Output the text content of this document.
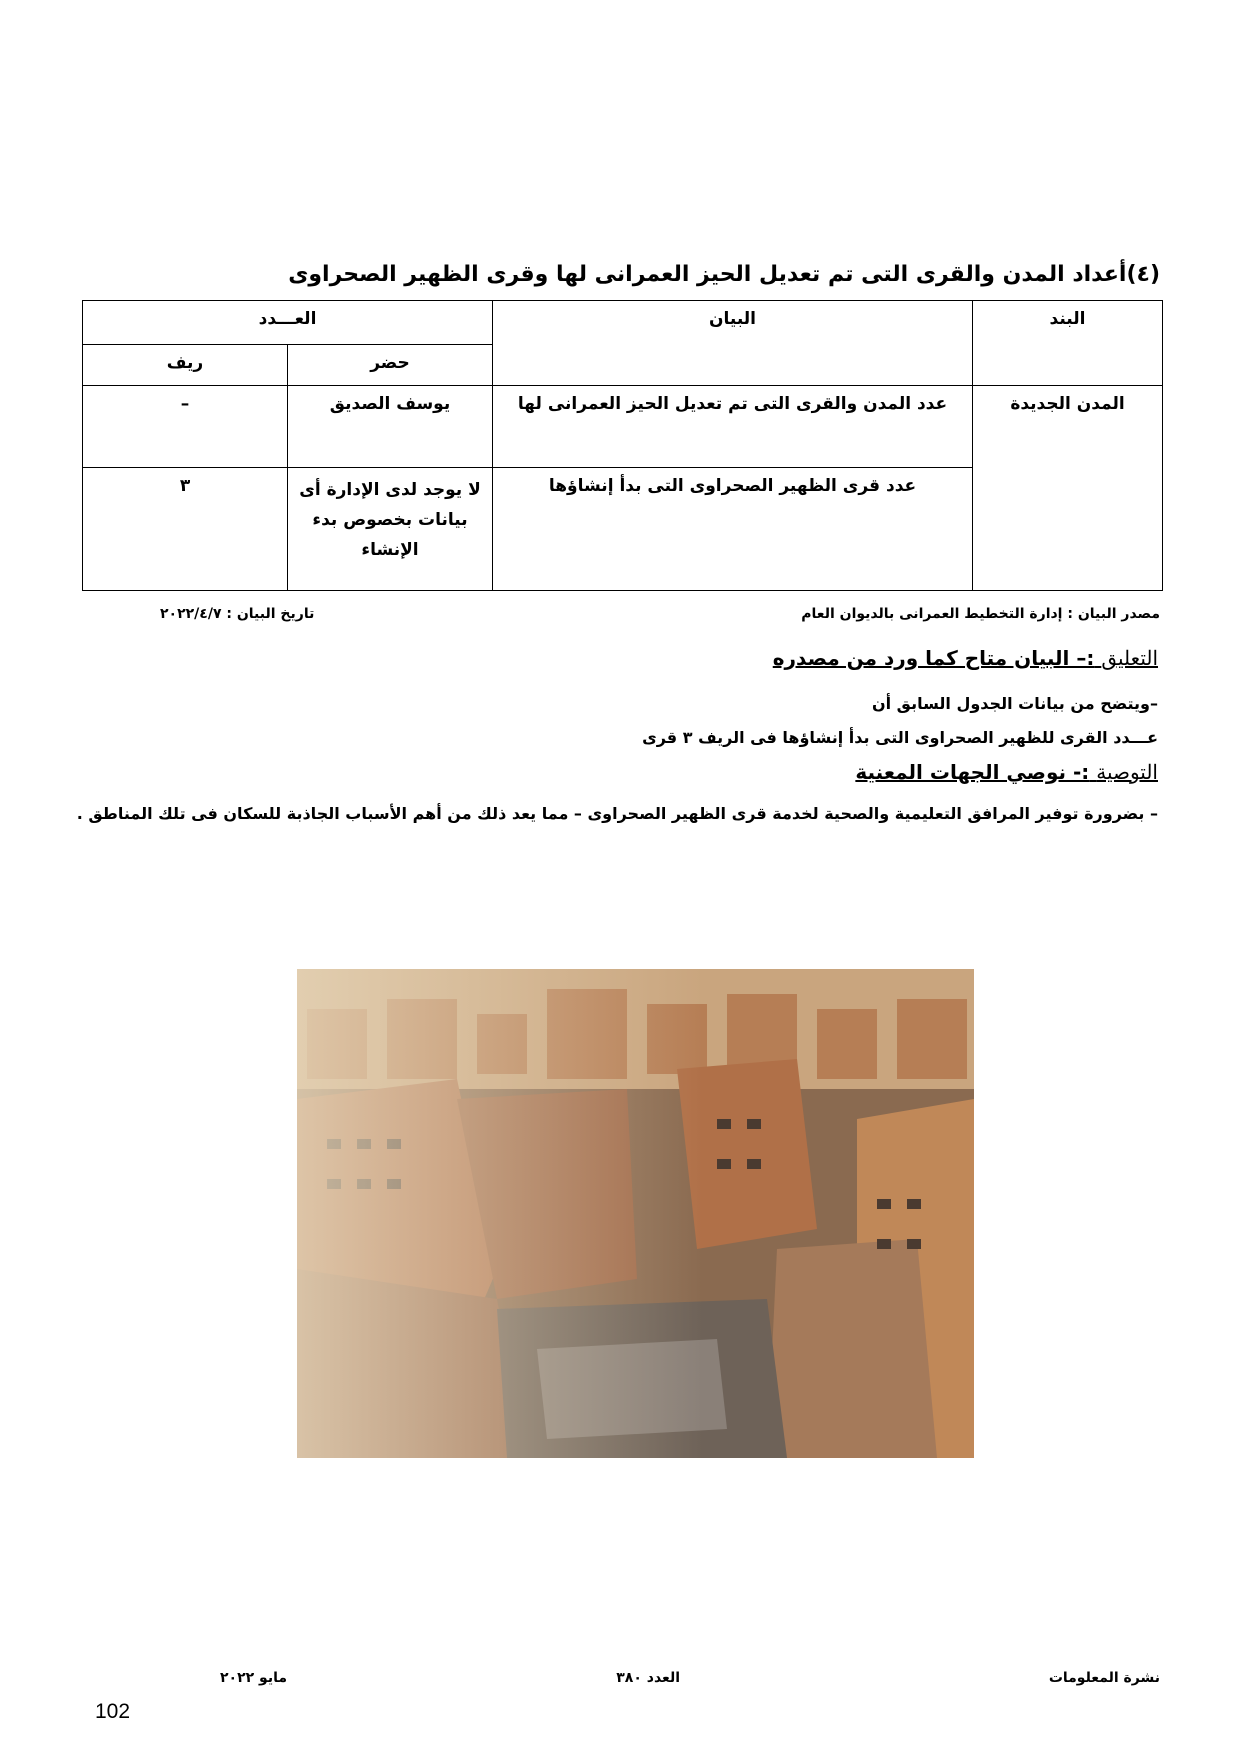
(٤)أعداد المدن والقرى التى تم تعديل الحيز العمرانى لها وقرى الظهير الصحراوى
البند	البيان	العـــدد	
		حضر	ريف
المدن الجديدة	عدد المدن والقرى التى تم تعديل الحيز العمرانى لها	يوسف الصديق	–
	عدد قرى الظهير الصحراوى التى بدأ إنشاؤها	لا يوجد لدى الإدارة أى بيانات بخصوص بدء الإنشاء	٣
مصدر البيان : إدارة التخطيط العمرانى بالديوان العام
تاريخ البيان : ٢٠٢٢/٤/٧
التعليق :– البيان متاح كما ورد من مصدره
–ويتضح من بيانات الجدول السابق أن
عـــدد القرى للظهير الصحراوى التى بدأ إنشاؤها فى الريف ٣ قرى
التوصية :- نوصي الجهات المعنية
– بضرورة توفير المرافق التعليمية والصحية لخدمة قرى الظهير الصحراوى – مما يعد ذلك من أهم الأسباب الجاذبة للسكان فى تلك المناطق .
نشرة المعلومات
العدد ٣٨٠
مايو ٢٠٢٢
102
